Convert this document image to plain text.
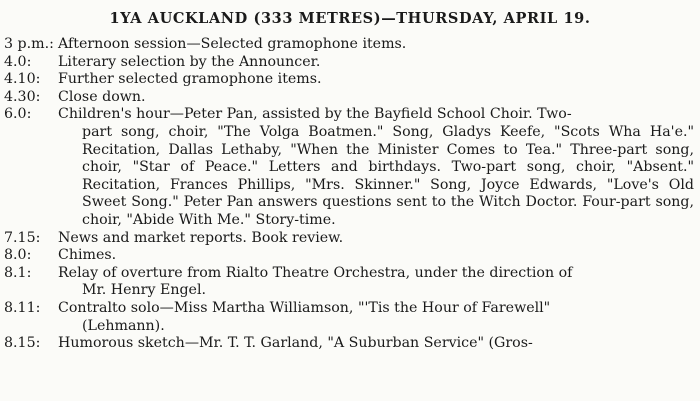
1YA AUCKLAND (333 METRES)—THURSDAY, APRIL 19.
3 p.m.: Afternoon session—Selected gramophone items.
4.0:	Literary selection by the Announcer.
4.10:	Further selected gramophone items.
4.30:	Close down.
6.0:	Children's hour—Peter Pan, assisted by the Bayfield School Choir. Two-
part song, choir, "The Volga Boatmen." Song, Gladys Keefe, "Scots Wha Ha'e." Recitation, Dallas Lethaby, "When the Minister Comes to Tea." Three-part song, choir, "Star of Peace." Letters and birthdays. Two-part song, choir, "Absent." Recitation, Frances Phillips, "Mrs. Skinner." Song, Joyce Edwards, "Love's Old Sweet Song." Peter Pan answers questions sent to the Witch Doctor. Four-part song, choir, "Abide With Me." Story-time.
7.15:	News and market reports. Book review.
8.0:	Chimes.
8.1:	Relay of overture from Rialto Theatre Orchestra, under the direction of
Mr. Henry Engel.
8.11:	Contralto solo—Miss Martha Williamson, "'Tis the Hour of Farewell"
(Lehmann).
8.15:	Humorous sketch—Mr. T. T. Garland, "A Suburban Service" (Gros-
